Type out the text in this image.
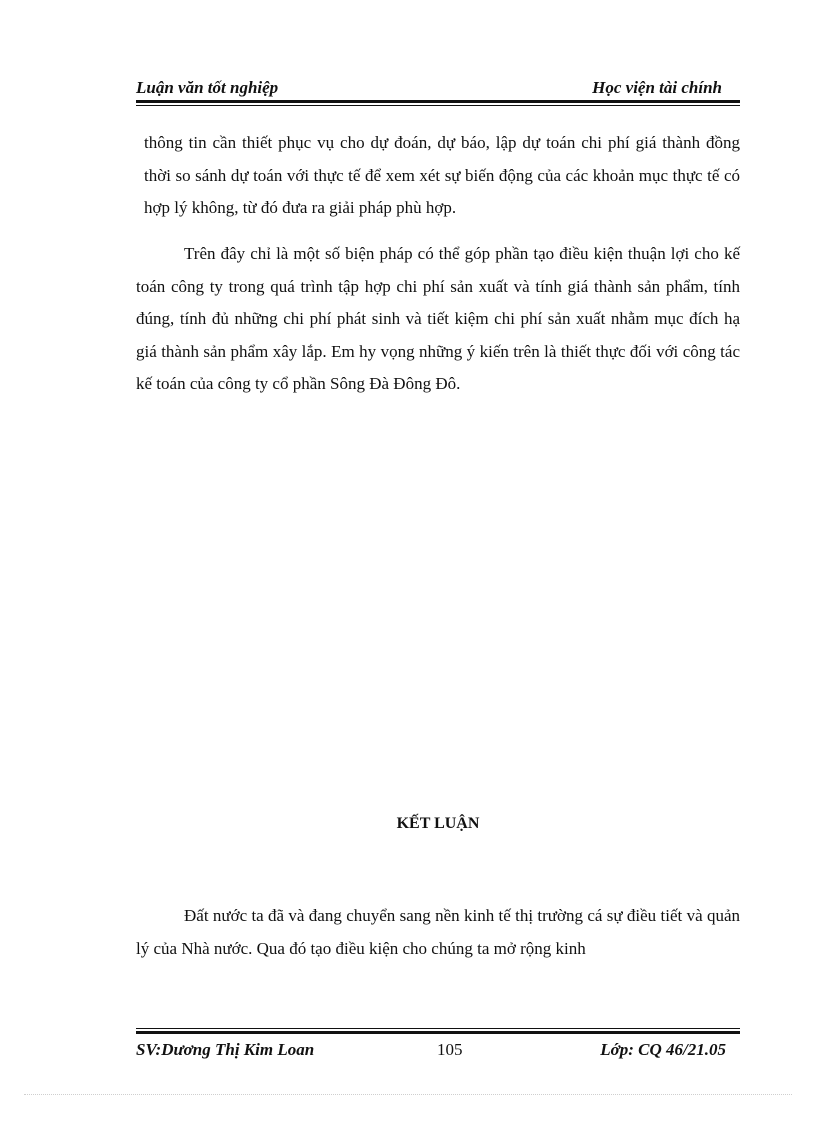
Luận văn tốt nghiệp	Học viện tài chính
thông tin cần thiết phục vụ cho dự đoán, dự báo, lập dự toán chi phí giá thành đồng thời so sánh dự toán với thực tế để xem xét sự biến động của các khoản mục thực tế có hợp lý không, từ đó đưa ra giải pháp phù hợp.
Trên đây chỉ là một số biện pháp có thể góp phần tạo điều kiện thuận lợi cho kế toán công ty trong quá trình tập hợp chi phí sản xuất và tính giá thành sản phẩm, tính đúng, tính đủ những chi phí phát sinh và tiết kiệm chi phí sản xuất nhằm mục đích hạ giá thành sản phẩm xây lắp. Em hy vọng những ý kiến trên là thiết thực đối với công tác kế toán của công ty cổ phần Sông Đà Đông Đô.
KẾT LUẬN
Đất nước ta đã và đang chuyển sang nền kinh tế thị trường cá sự điều tiết và quản lý của Nhà nước. Qua đó tạo điều kiện cho chúng ta mở rộng kinh
SV:Dương Thị Kim Loan	105	Lớp: CQ 46/21.05
